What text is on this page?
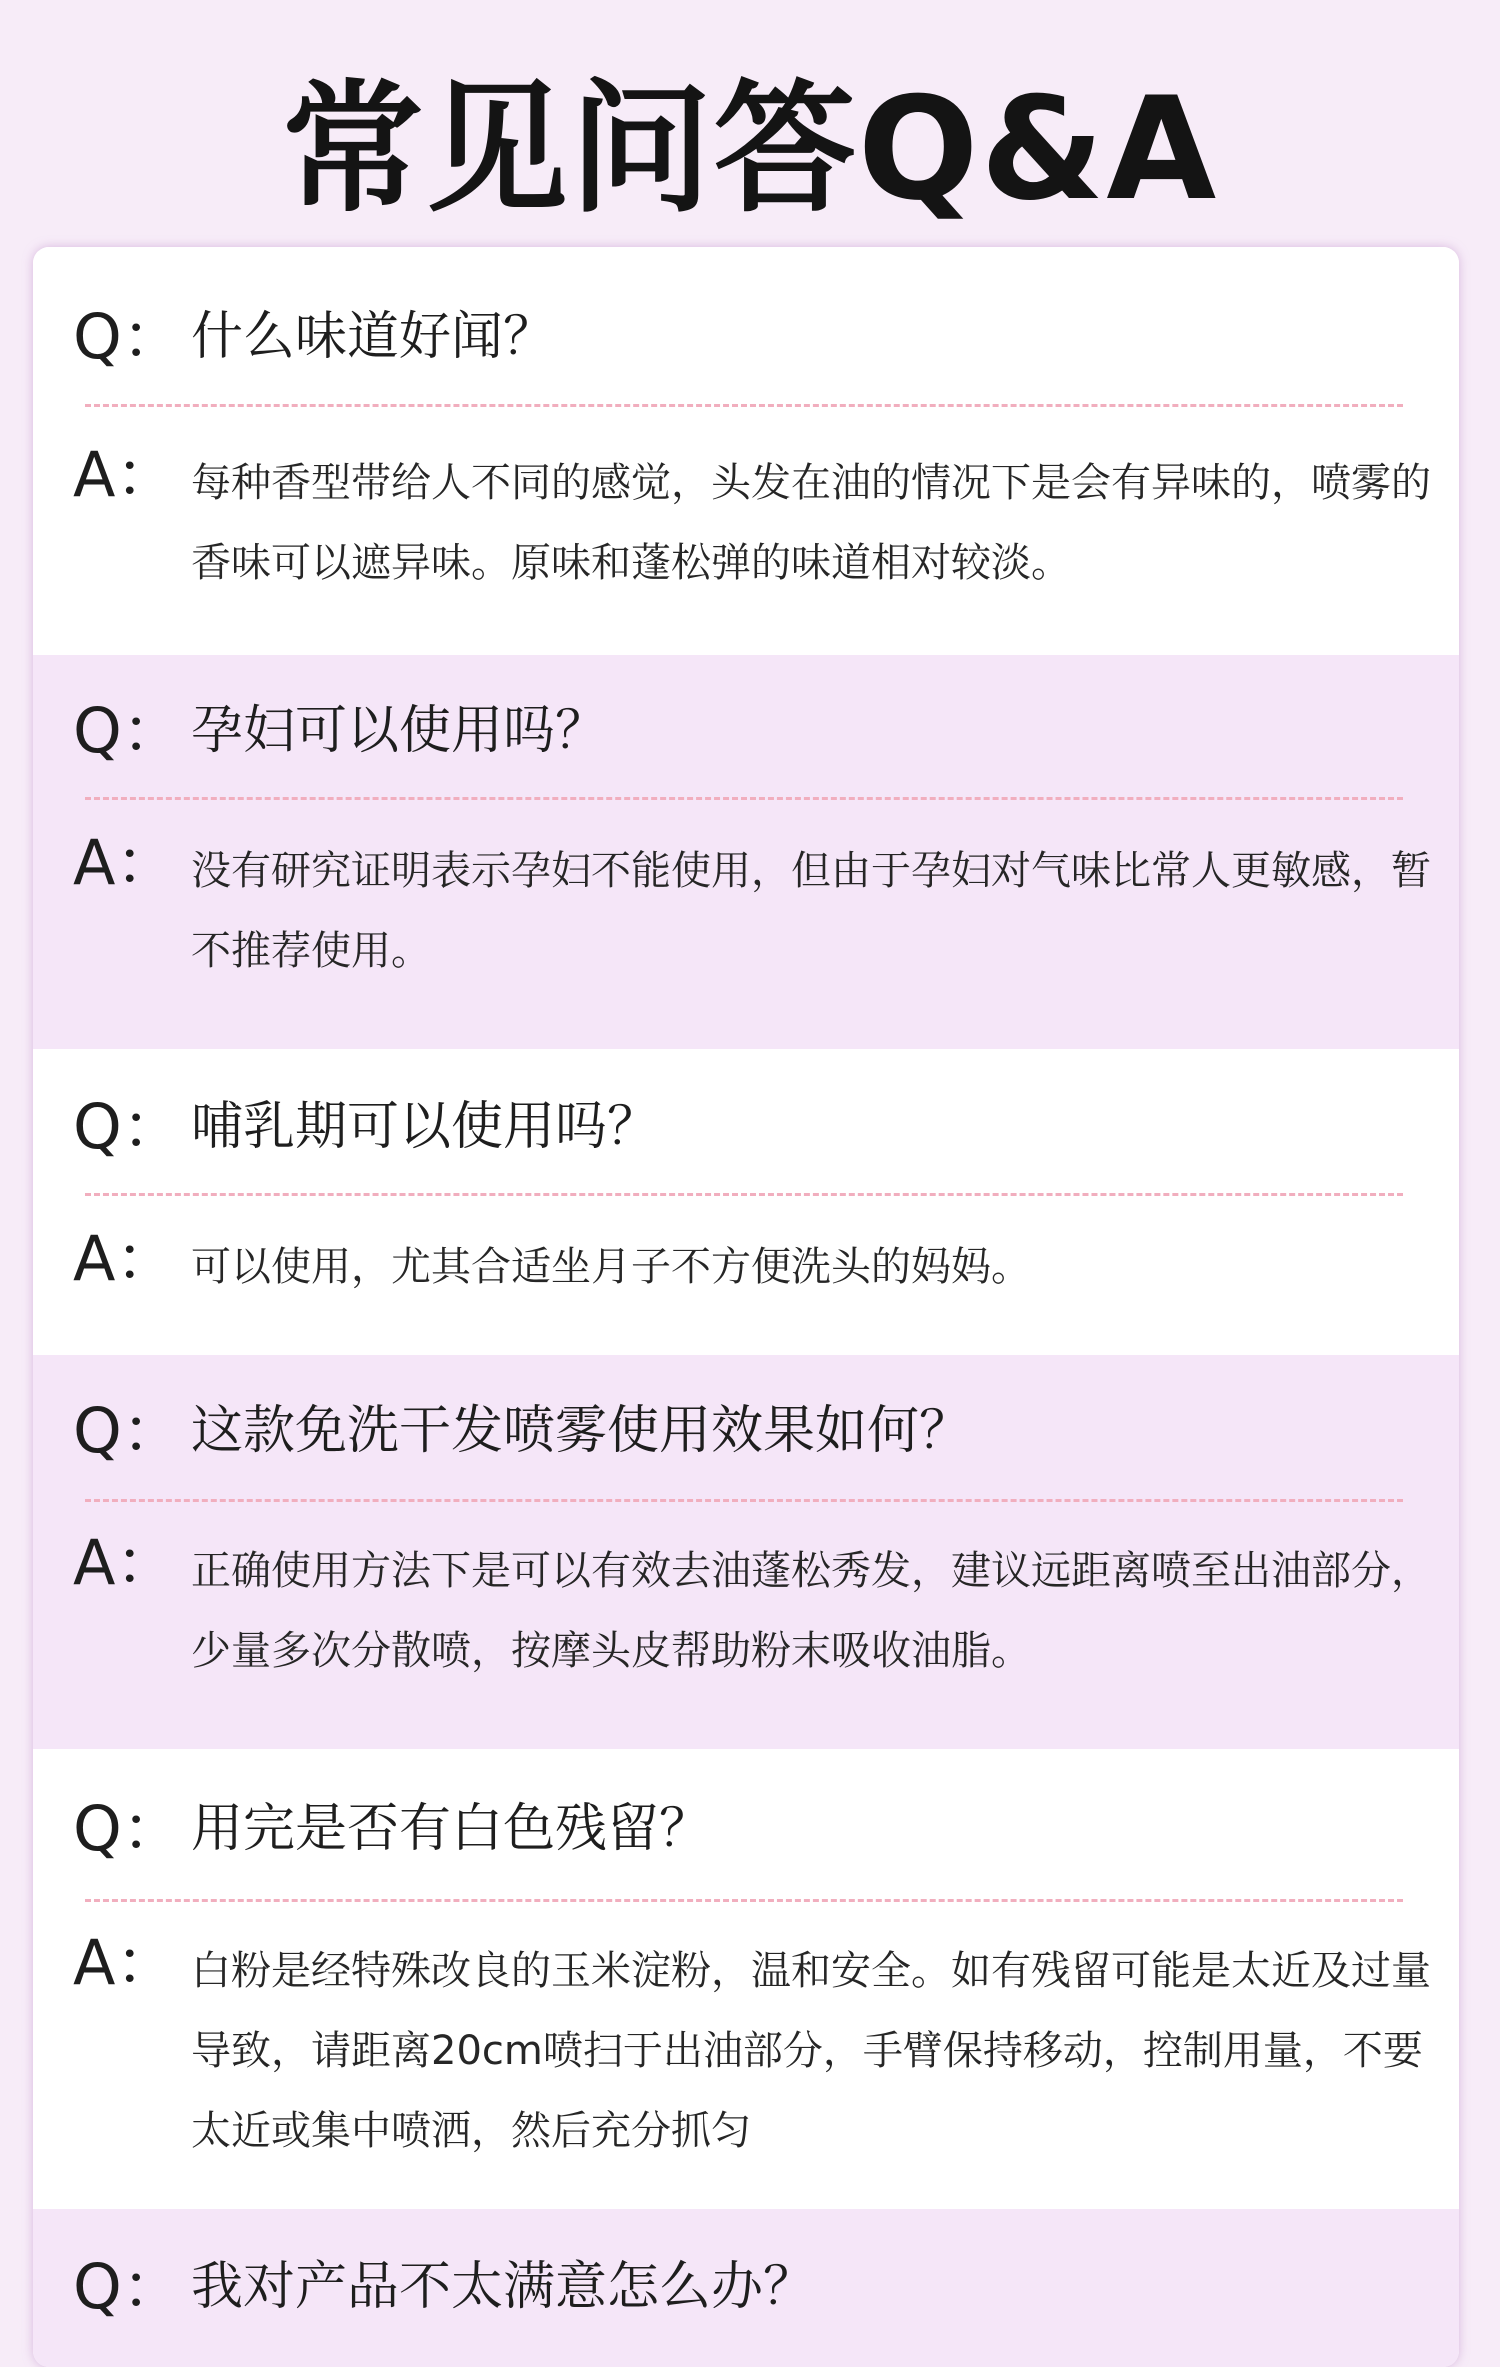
常见问答Q&A
Q： 什么味道好闻？
A： 每种香型带给人不同的感觉，头发在油的情况下是会有异味的，喷雾的香味可以遮异味。原味和蓬松弹的味道相对较淡。
Q： 孕妇可以使用吗？
A： 没有研究证明表示孕妇不能使用，但由于孕妇对气味比常人更敏感，暂不推荐使用。
Q： 哺乳期可以使用吗？
A： 可以使用，尤其合适坐月子不方便洗头的妈妈。
Q： 这款免洗干发喷雾使用效果如何？
A： 正确使用方法下是可以有效去油蓬松秀发，建议远距离喷至出油部分，少量多次分散喷，按摩头皮帮助粉末吸收油脂。
Q： 用完是否有白色残留？
A： 白粉是经特殊改良的玉米淀粉，温和安全。如有残留可能是太近及过量导致，请距离20cm喷扫于出油部分，手臂保持移动，控制用量，不要太近或集中喷洒，然后充分抓匀
Q： 我对产品不太满意怎么办？
